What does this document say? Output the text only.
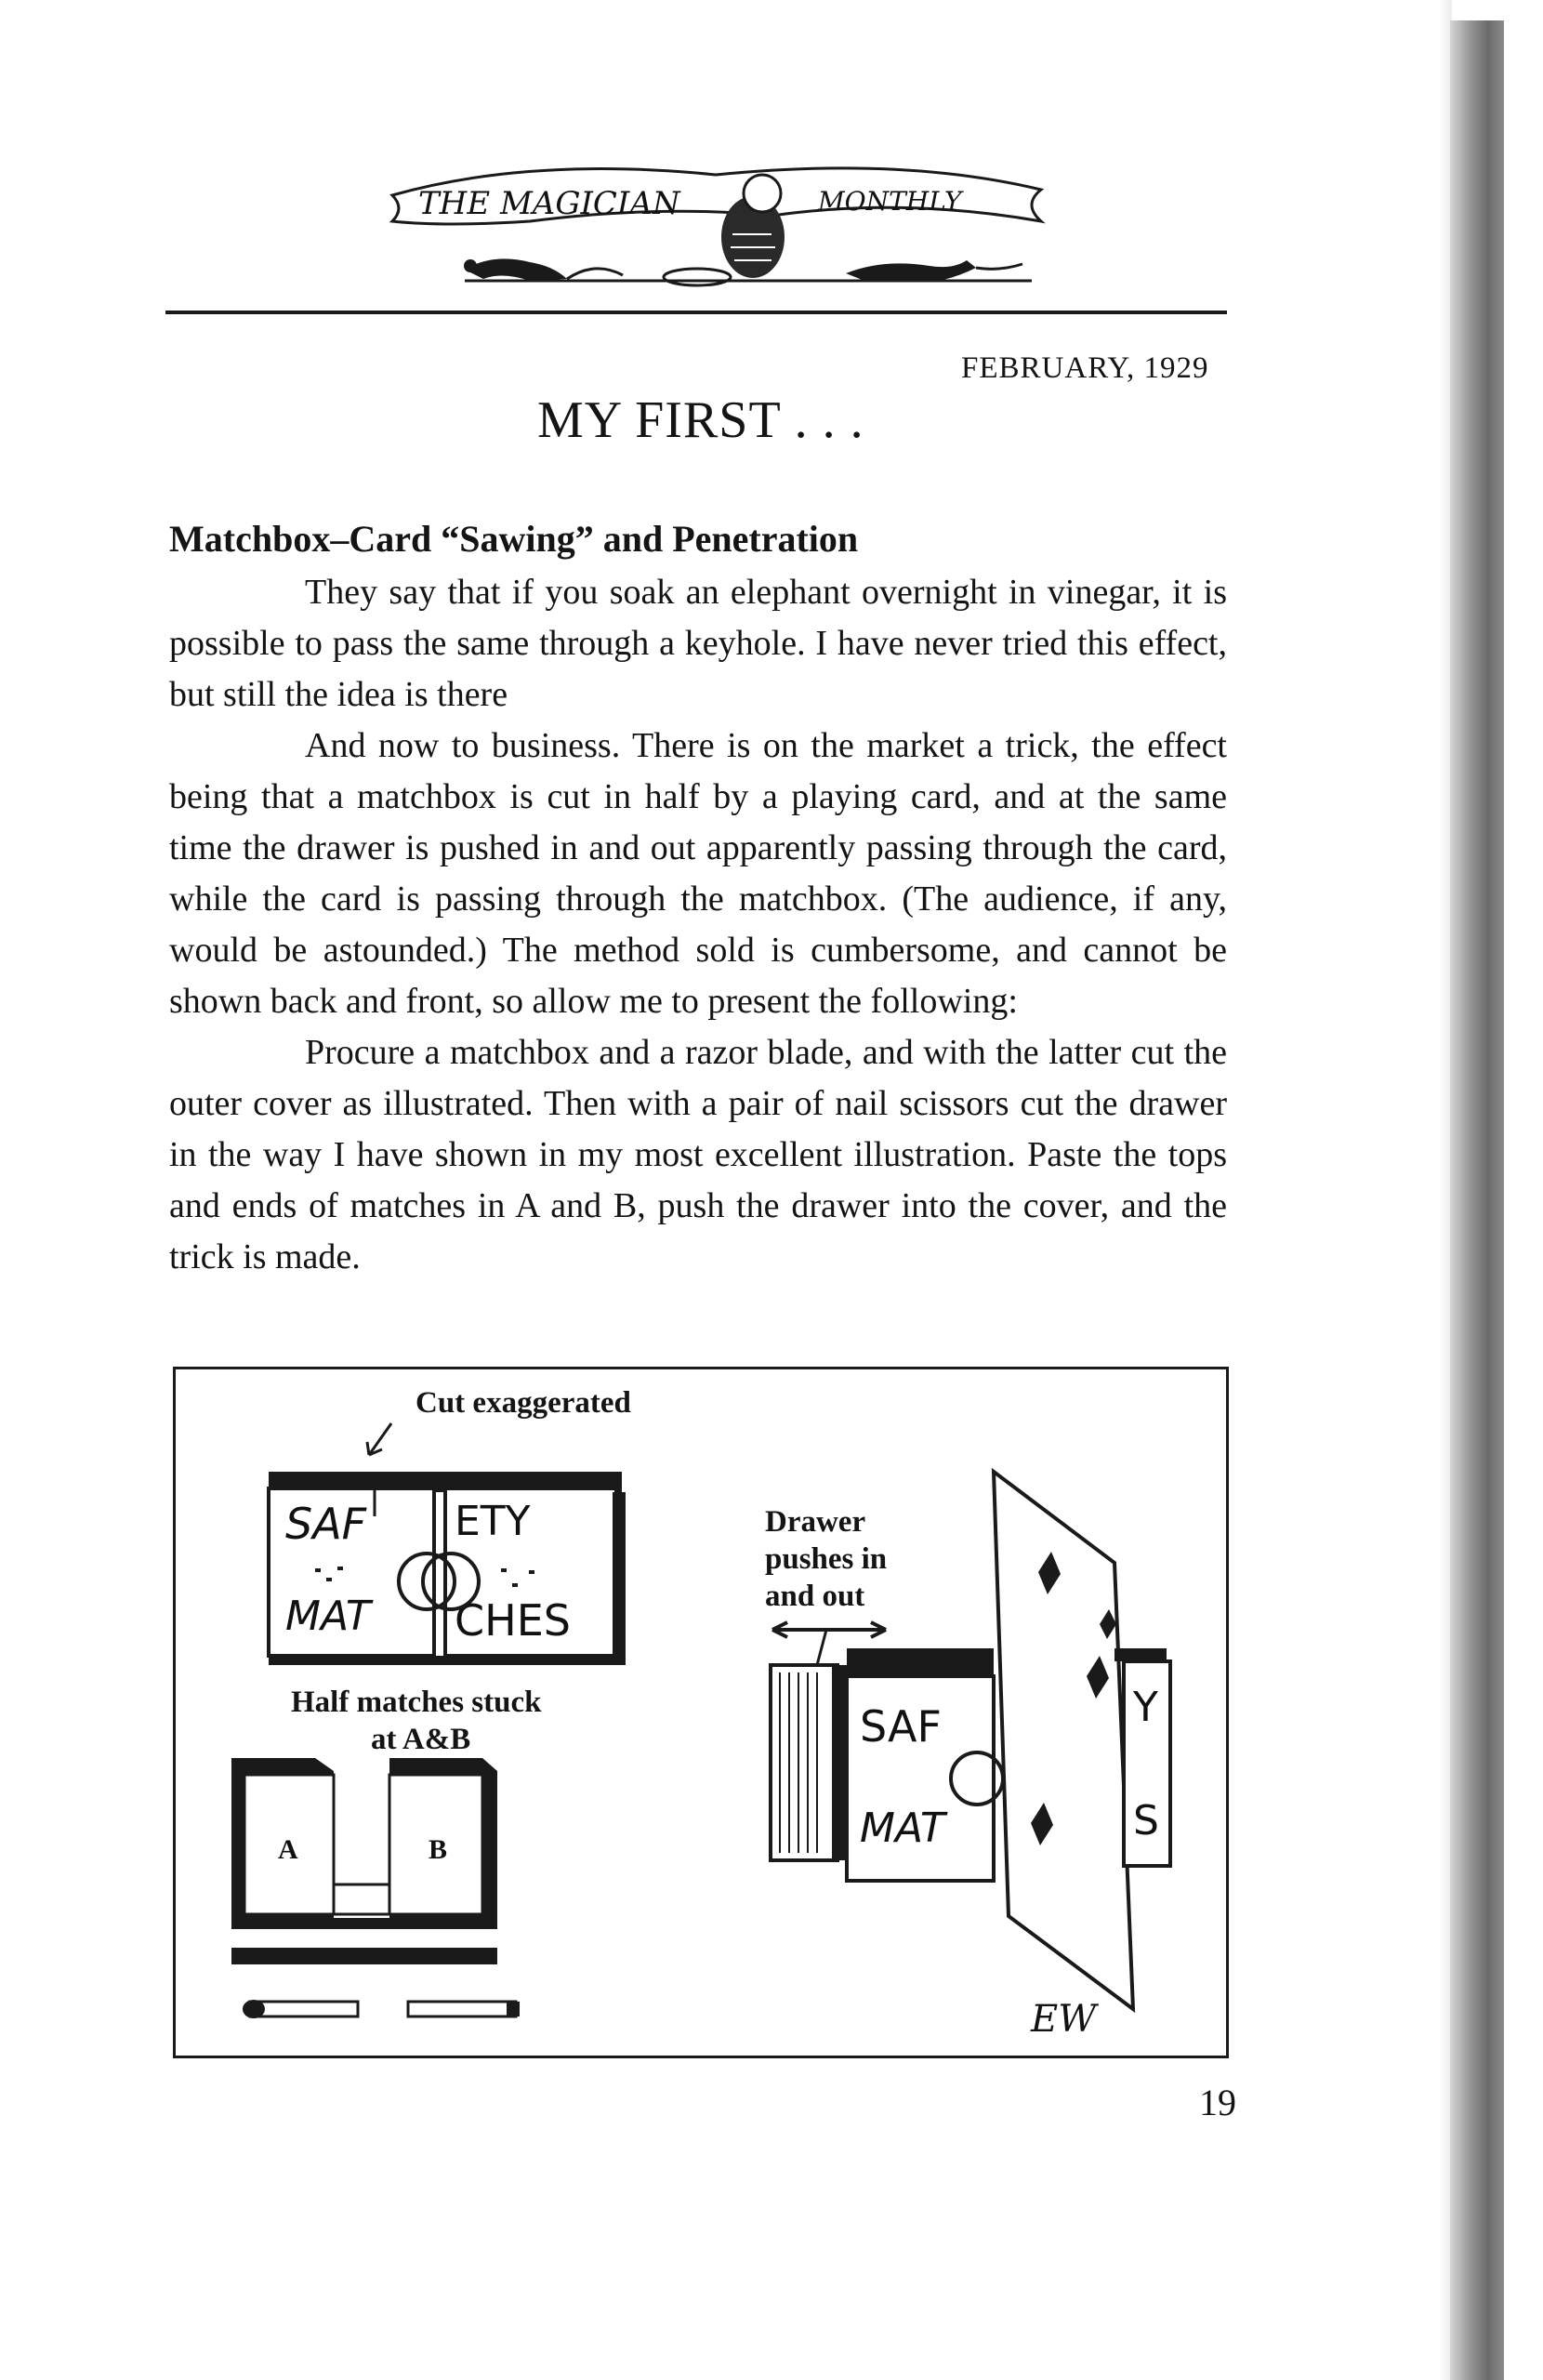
THE MAGICIAN	MONTHLY
FEBRUARY, 1929
MY FIRST . . .
Matchbox–Card “Sawing” and Penetration

They say that if you soak an elephant overnight in vinegar, it is possible to pass the same through a keyhole. I have never tried this effect, but still the idea is there

And now to business. There is on the market a trick, the effect being that a matchbox is cut in half by a playing card, and at the same time the drawer is pushed in and out apparently passing through the card, while the card is passing through the matchbox. (The audience, if any, would be astounded.) The method sold is cumbersome, and cannot be shown back and front, so allow me to present the following:

Procure a matchbox and a razor blade, and with the latter cut the outer cover as illustrated. Then with a pair of nail scissors cut the drawer in the way I have shown in my most excellent illustration. Paste the tops and ends of matches in A and B, push the drawer into the cover, and the trick is made.

SAF ETY
MAT CHES
A	B
SAF
MAT
Y
S
EW
Cut exaggerated
Half matches stuck
at A&B
Drawer
pushes in
and out
19
